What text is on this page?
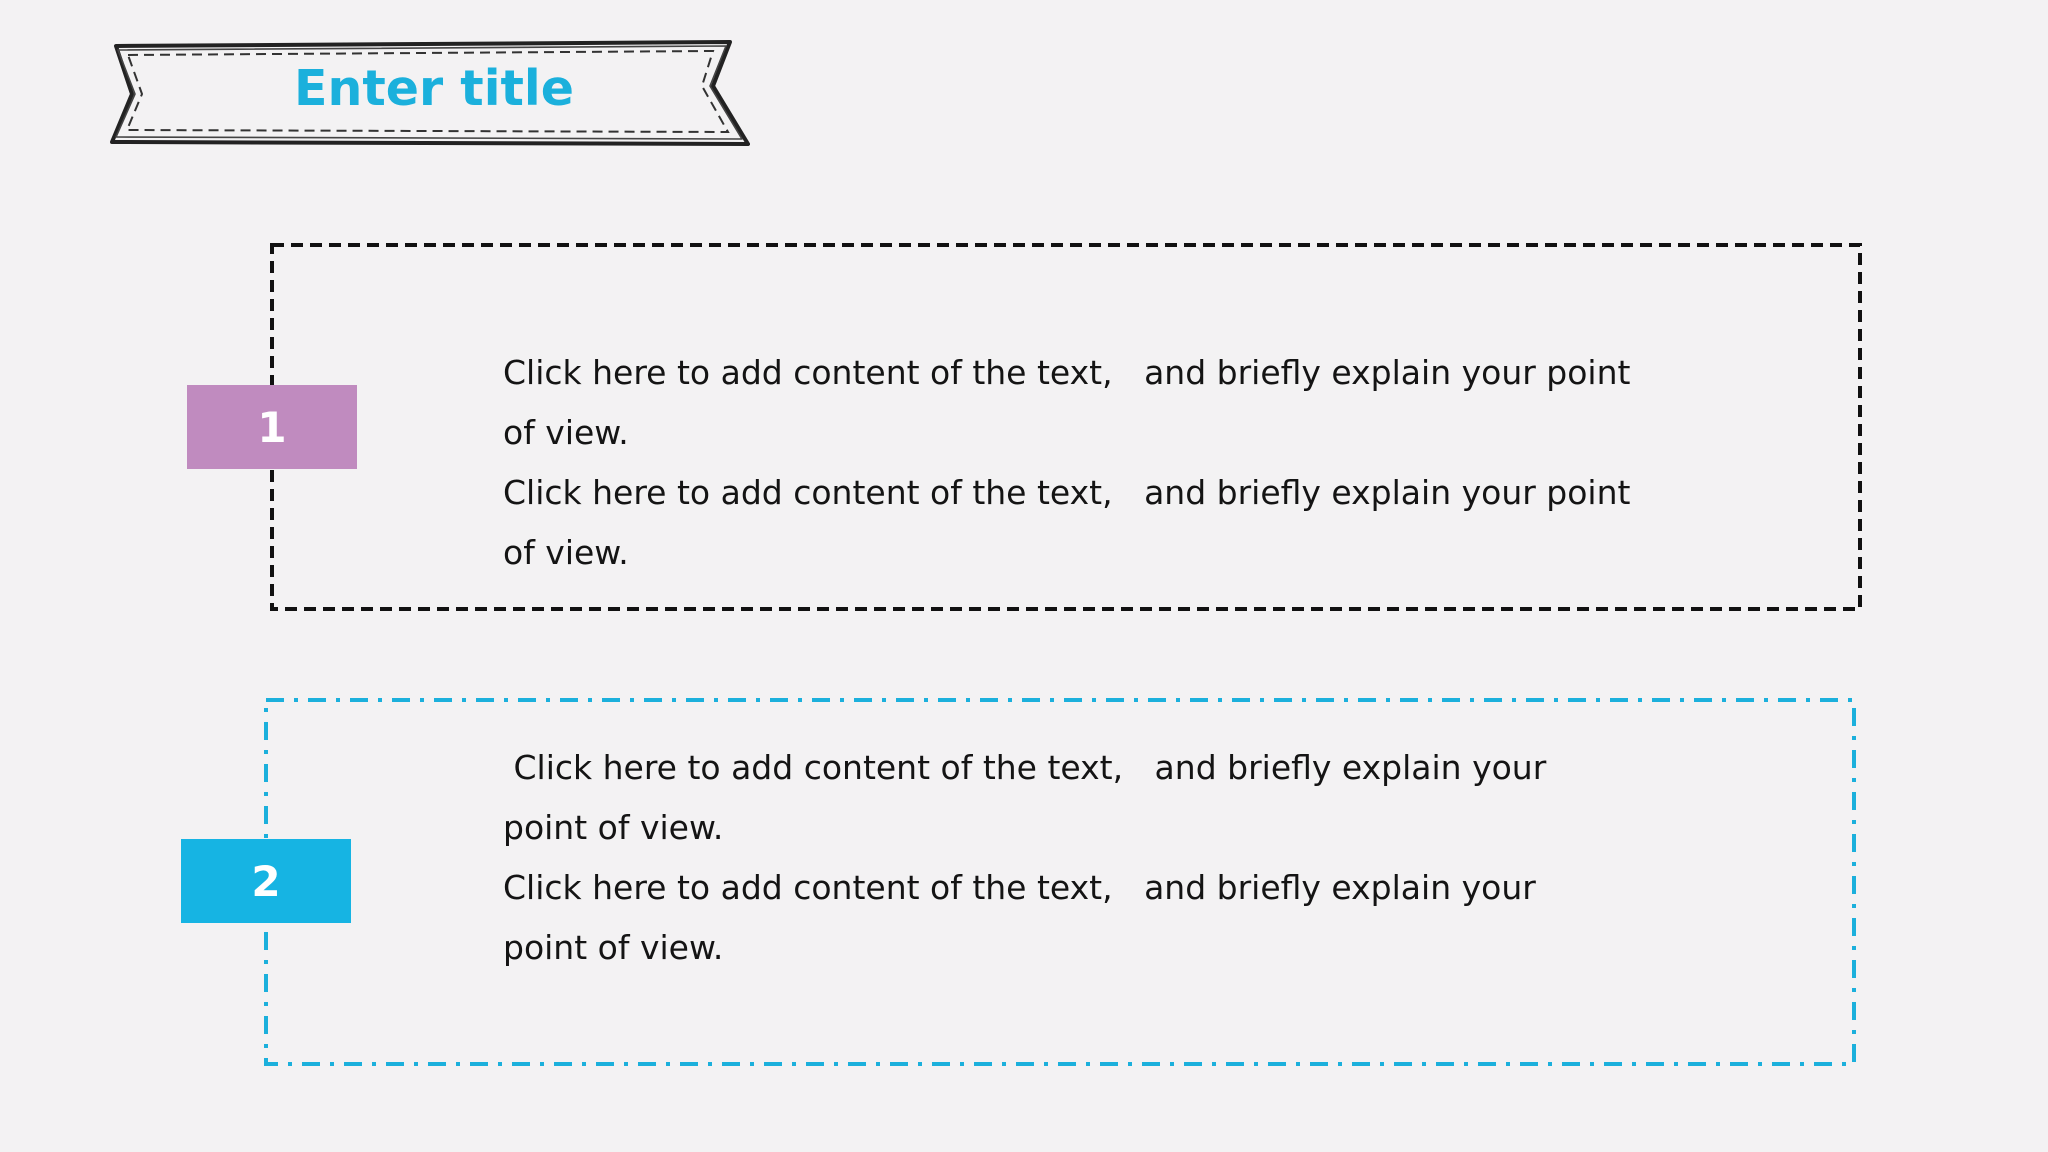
Enter title
1

Click here to add content of the text,   and briefly explain your point

of view.

Click here to add content of the text,   and briefly explain your point

of view.

2

Click here to add content of the text,   and briefly explain your

point of view.

Click here to add content of the text,   and briefly explain your

point of view.
